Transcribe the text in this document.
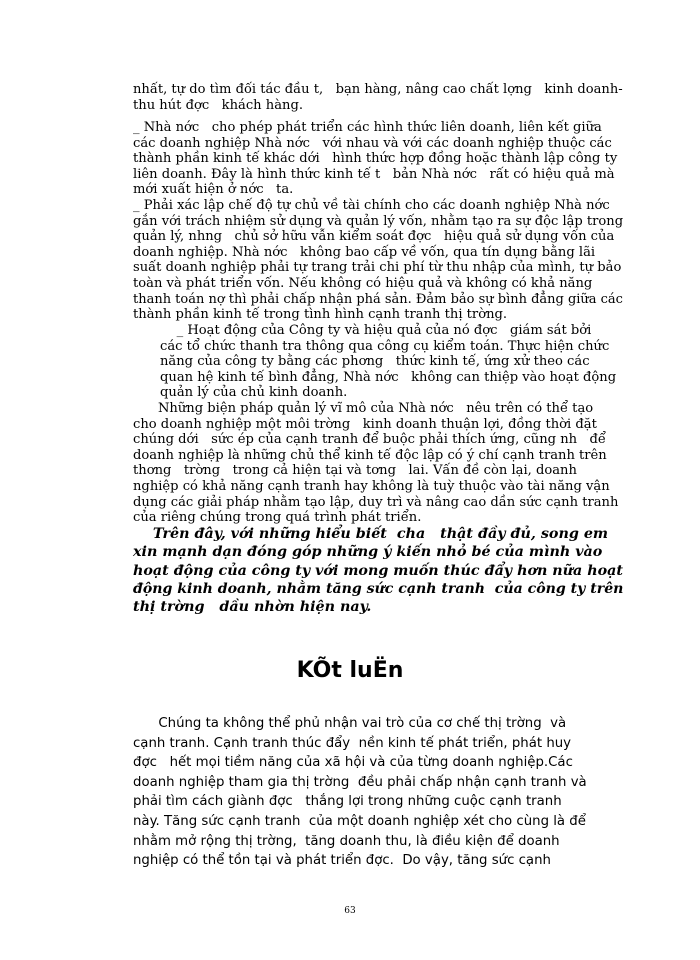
nhất, tự do tìm đối tác đầu t,   bạn hàng, nâng cao chất lợng   kinh doanh-
thu hút đợc   khách hàng.

_ Nhà nớc   cho phép phát triển các hình thức liên doanh, liên kết giữa
các doanh nghiệp Nhà nớc   với nhau và với các doanh nghiệp thuộc các
thành phần kinh tế khác dới   hình thức hợp đồng hoặc thành lập công ty
liên doanh. Đây là hình thức kinh tế t   bản Nhà nớc   rất có hiệu quả mà
mới xuất hiện ở nớc   ta.

_ Phải xác lập chế độ tự chủ về tài chính cho các doanh nghiệp Nhà nớc
gắn với trách nhiệm sử dụng và quản lý vốn, nhằm tạo ra sự độc lập trong
quản lý, nhng   chủ sở hữu vẫn kiểm soát đợc   hiệu quả sử dụng vốn của
doanh nghiệp. Nhà nớc   không bao cấp về vốn, qua tín dụng bằng lãi
suất doanh nghiệp phải tự trang trải chi phí từ thu nhập của mình, tự bảo
toàn và phát triển vốn. Nếu không có hiệu quả và không có khả năng
thanh toán nợ thì phải chấp nhận phá sản. Đảm bảo sự bình đẳng giữa các
thành phần kinh tế trong tình hình cạnh tranh thị trờng.

_ Hoạt động của Công ty và hiệu quả của nó đợc   giám sát bởi
các tổ chức thanh tra thông qua công cụ kiểm toán. Thực hiện chức
năng của công ty bằng các phơng   thức kinh tế, ứng xử theo các
quan hệ kinh tế bình đẳng, Nhà nớc   không can thiệp vào hoạt động
quản lý của chủ kinh doanh.

Những biện pháp quản lý vĩ mô của Nhà nớc   nêu trên có thể tạo
cho doanh nghiệp một môi trờng   kinh doanh thuận lợi, đồng thời đặt
chúng dới   sức ép của cạnh tranh để buộc phải thích ứng, cũng nh   để
doanh nghiệp là những chủ thể kinh tế độc lập có ý chí cạnh tranh trên
thơng   trờng   trong cả hiện tại và tơng   lai. Vấn đề còn lại, doanh
nghiệp có khả năng cạnh tranh hay không là tuỳ thuộc vào tài năng vận
dụng các giải pháp nhằm tạo lập, duy trì và nâng cao dần sức cạnh tranh
của riêng chúng trong quá trình phát triển.

Trên đây, với những hiểu biết  cha   thật đầy đủ, song em
xin mạnh dạn đóng góp những ý kiến nhỏ bé của mình vào
hoạt động của công ty với mong muốn thúc đẩy hơn nữa hoạt
động kinh doanh, nhằm tăng sức cạnh tranh  của công ty trên
thị trờng   dầu nhờn hiện nay.

KÕt luËn

Chúng ta không thể phủ nhận vai trò của cơ chế thị trờng  và
cạnh tranh. Cạnh tranh thúc đẩy  nền kinh tế phát triển, phát huy
đợc   hết mọi tiềm năng của xã hội và của từng doanh nghiệp.Các
doanh nghiệp tham gia thị trờng  đều phải chấp nhận cạnh tranh và
phải tìm cách giành đợc   thắng lợi trong những cuộc cạnh tranh
này. Tăng sức cạnh tranh  của một doanh nghiệp xét cho cùng là để
nhằm mở rộng thị trờng,  tăng doanh thu, là điều kiện để doanh
nghiệp có thể tồn tại và phát triển đợc.  Do vậy, tăng sức cạnh

63
